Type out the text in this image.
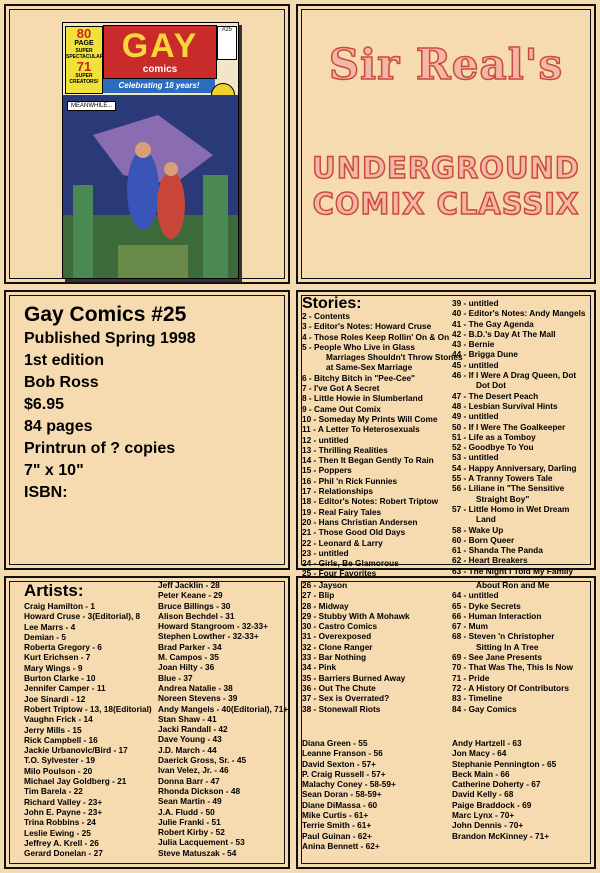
80
PAGE
SUPER SPECTACULAR
71
SUPER CREATORS!
GAY
comics
#25
Celebrating 18 years!
MEANWHILE...
Sir Real's
UNDERGROUND
COMIX CLASSIX
Gay Comics #25
Published Spring 1998
1st edition
Bob Ross
$6.95
84 pages
Printrun of ? copies
7" x 10"
ISBN:
Stories:
2 - Contents
3 - Editor's Notes: Howard Cruse
4 - Those Roles Keep Rollin' On & On
5 - People Who Live in Glass
Marriages Shouldn't Throw Stones
at Same-Sex Marriage
6 - Bitchy Bitch in "Pee-Cee"
7 - I've Got A Secret
8 - Little Howie in Slumberland
9 - Came Out Comix
10 - Someday My Prints Will Come
11 - A Letter To Heterosexuals
12 - untitled
13 - Thrilling Realities
14 - Then It Began Gently To Rain
15 - Poppers
16 - Phil 'n Rick Funnies
17 - Relationships
18 - Editor's Notes: Robert Triptow
19 - Real Fairy Tales
20 - Hans Christian Andersen
21 - Those Good Old Days
22 - Leonard & Larry
23 - untitled
24 - Girls, Be Glamorous
25 - Four Favorites
39 - untitled
40 - Editor's Notes: Andy Mangels
41 - The Gay Agenda
42 - B.D.'s Day At The Mall
43 - Bernie
44 - Brigga Dune
45 - untitled
46 - If I Were A Drag Queen, Dot
Dot Dot
47 - The Desert Peach
48 - Lesbian Survival Hints
49 - untitled
50 - If I Were The Goalkeeper
51 - Life as a Tomboy
52 - Goodbye To You
53 - untitled
54 - Happy Anniversary, Darling
55 - A Tranny Towers Tale
56 - Liliane in "The Sensitive
Straight Boy"
57 - Little Homo in Wet Dream
Land
58 - Wake Up
60 - Born Queer
61 - Shanda The Panda
62 - Heart Breakers
63 - The Night I Told My Family
26 - Jayson
27 - Blip
28 - Midway
29 - Stubby With A Mohawk
30 - Castro Comics
31 - Overexposed
32 - Clone Ranger
33 - Bar Nothing
34 - Pink
35 - Barriers Burned Away
36 - Out The Chute
37 - Sex is Overrated?
38 - Stonewall Riots
About Ron and Me
64 - untitled
65 - Dyke Secrets
66 - Human Interaction
67 - Mum
68 - Steven 'n Christopher
Sitting In A Tree
69 - See Jane Presents
70 - That Was The, This Is Now
71 - Pride
72 - A History Of Contributors
83 - Timeline
84 - Gay Comics
Artists:
Craig Hamilton - 1
Howard Cruse - 3(Editorial), 8
Lee Marrs - 4
Demian - 5
Roberta Gregory - 6
Kurt Erichsen - 7
Mary Wings - 9
Burton Clarke - 10
Jennifer Camper - 11
Joe Sinardi - 12
Robert Triptow - 13, 18(Editorial)
Vaughn Frick - 14
Jerry Mills - 15
Rick Campbell - 16
Jackie Urbanovic/Bird - 17
T.O. Sylvester - 19
Milo Poulson - 20
Michael Jay Goldberg - 21
Tim Barela - 22
Richard Valley - 23+
John E. Payne - 23+
Trina Robbins - 24
Leslie Ewing - 25
Jeffrey A. Krell - 26
Gerard Donelan - 27
Jeff Jacklin - 28
Peter Keane - 29
Bruce Billings - 30
Alison Bechdel - 31
Howard Stangroom - 32-33+
Stephen Lowther - 32-33+
Brad Parker - 34
M. Campos - 35
Joan Hilty - 36
Blue - 37
Andrea Natalie - 38
Noreen Stevens - 39
Andy Mangels - 40(Editorial), 71+
Stan Shaw - 41
Jacki Randall - 42
Dave Young - 43
J.D. March - 44
Daerick Gross, Sr. - 45
Ivan Velez, Jr. - 46
Donna Barr - 47
Rhonda Dickson - 48
Sean Martin - 49
J.A. Fludd - 50
Julie Franki - 51
Robert Kirby - 52
Julia Lacquement - 53
Steve Matuszak - 54
Diana Green - 55
Leanne Franson - 56
David Sexton - 57+
P. Craig Russell - 57+
Malachy Coney - 58-59+
Sean Doran - 58-59+
Diane DiMassa - 60
Mike Curtis - 61+
Terrie Smith - 61+
Paul Guinan - 62+
Anina Bennett - 62+
Andy Hartzell - 63
Jon Macy - 64
Stephanie Pennington - 65
Beck Main - 66
Catherine Doherty - 67
David Kelly - 68
Paige Braddock - 69
Marc Lynx - 70+
John Dennis - 70+
Brandon McKinney - 71+
